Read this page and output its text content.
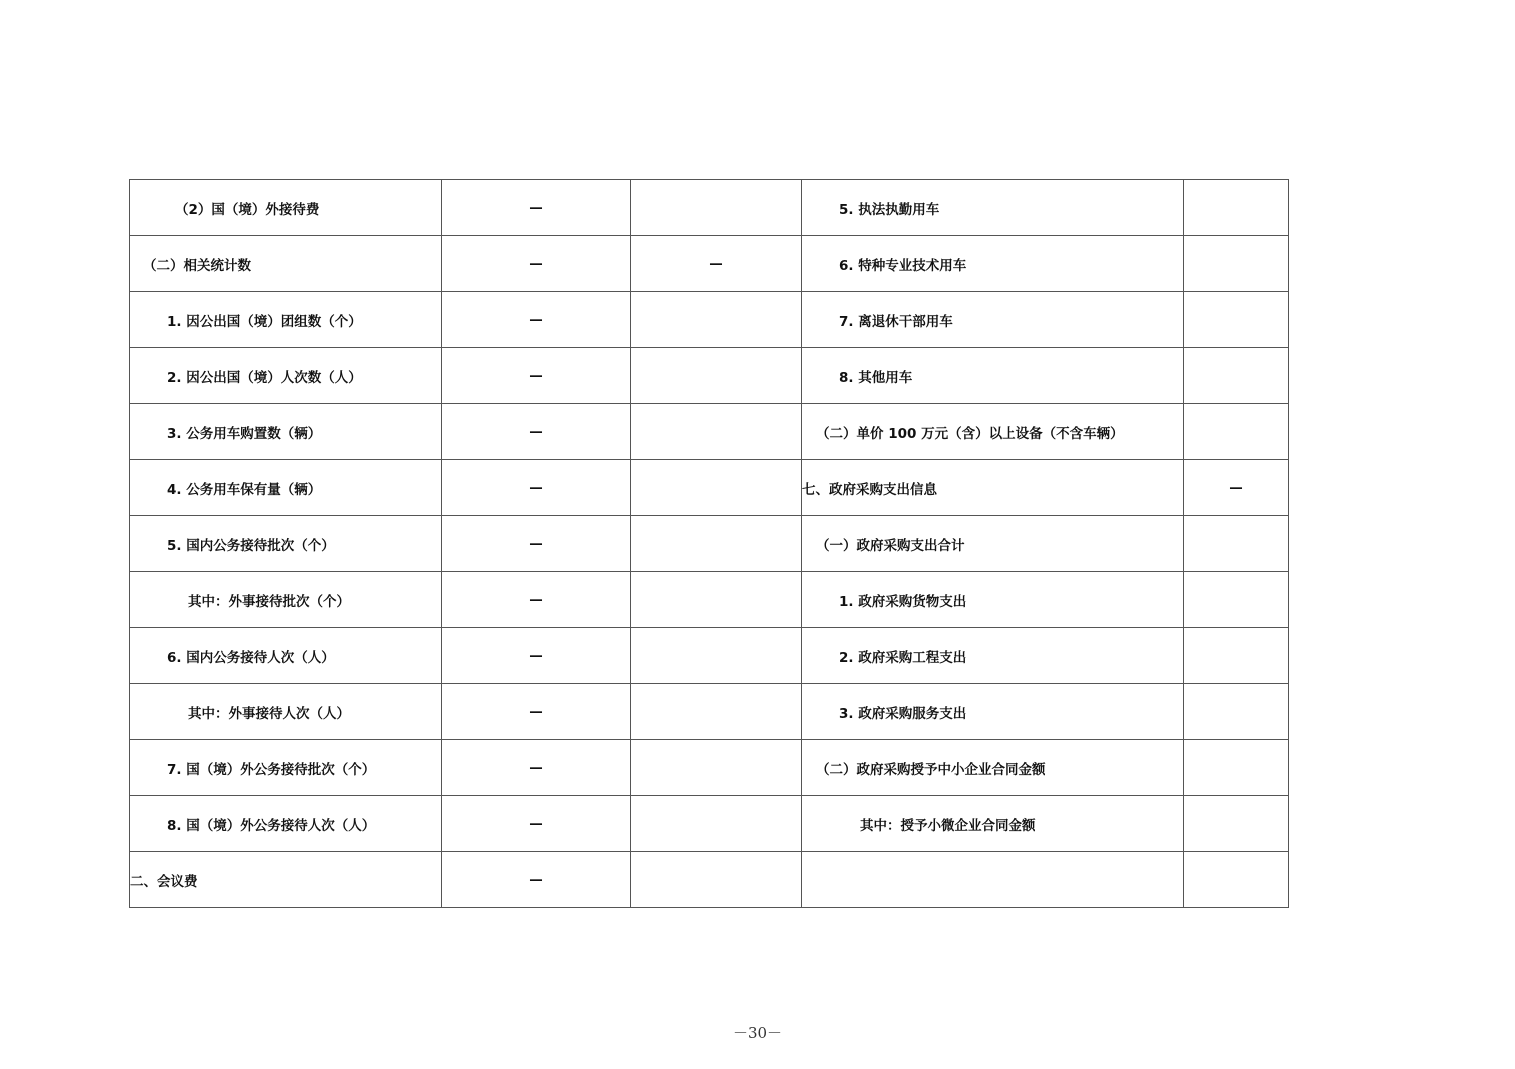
（2）国（境）外接待费	—		5. 执法执勤用车	
（二）相关统计数	—	—	6. 特种专业技术用车	
1. 因公出国（境）团组数（个）	—		7. 离退休干部用车	
2. 因公出国（境）人次数（人）	—		8. 其他用车	
3. 公务用车购置数（辆）	—		（二）单价 100 万元（含）以上设备（不含车辆）	
4. 公务用车保有量（辆）	—		七、政府采购支出信息	—
5. 国内公务接待批次（个）	—		（一）政府采购支出合计	
其中：外事接待批次（个）	—		1. 政府采购货物支出	
6. 国内公务接待人次（人）	—		2. 政府采购工程支出	
其中：外事接待人次（人）	—		3. 政府采购服务支出	
7. 国（境）外公务接待批次（个）	—		（二）政府采购授予中小企业合同金额	
8. 国（境）外公务接待人次（人）	—		其中：授予小微企业合同金额	
二、会议费	—			
－30－
